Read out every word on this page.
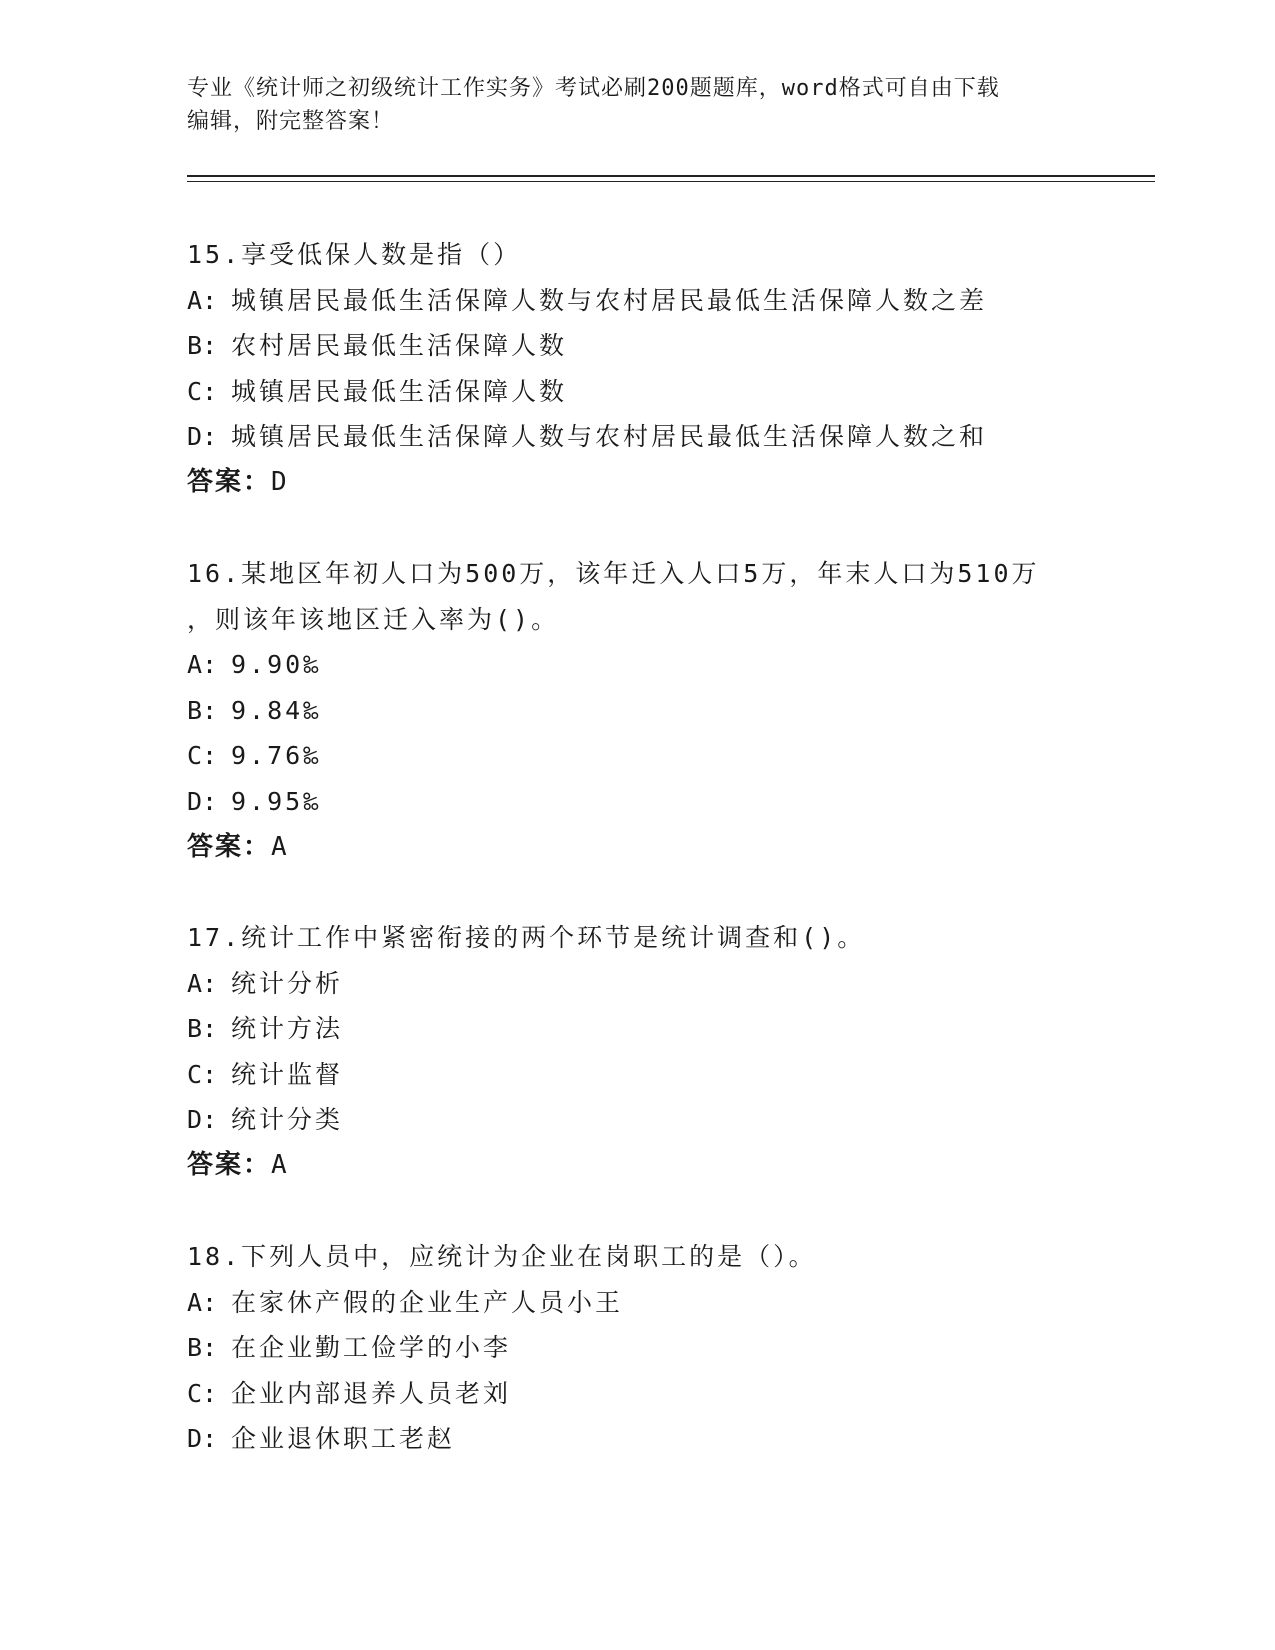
专业《统计师之初级统计工作实务》考试必刷200题题库，word格式可自由下载
编辑，附完整答案！
15.享受低保人数是指（）
A: 城镇居民最低生活保障人数与农村居民最低生活保障人数之差
B: 农村居民最低生活保障人数
C: 城镇居民最低生活保障人数
D: 城镇居民最低生活保障人数与农村居民最低生活保障人数之和
答案：D
16.某地区年初人口为500万，该年迁入人口5万，年末人口为510万
，则该年该地区迁入率为()。
A: 9.90‰
B: 9.84‰
C: 9.76‰
D: 9.95‰
答案：A
17.统计工作中紧密衔接的两个环节是统计调查和()。
A: 统计分析
B: 统计方法
C: 统计监督
D: 统计分类
答案：A
18.下列人员中，应统计为企业在岗职工的是（）。
A: 在家休产假的企业生产人员小王
B: 在企业勤工俭学的小李
C: 企业内部退养人员老刘
D: 企业退休职工老赵
